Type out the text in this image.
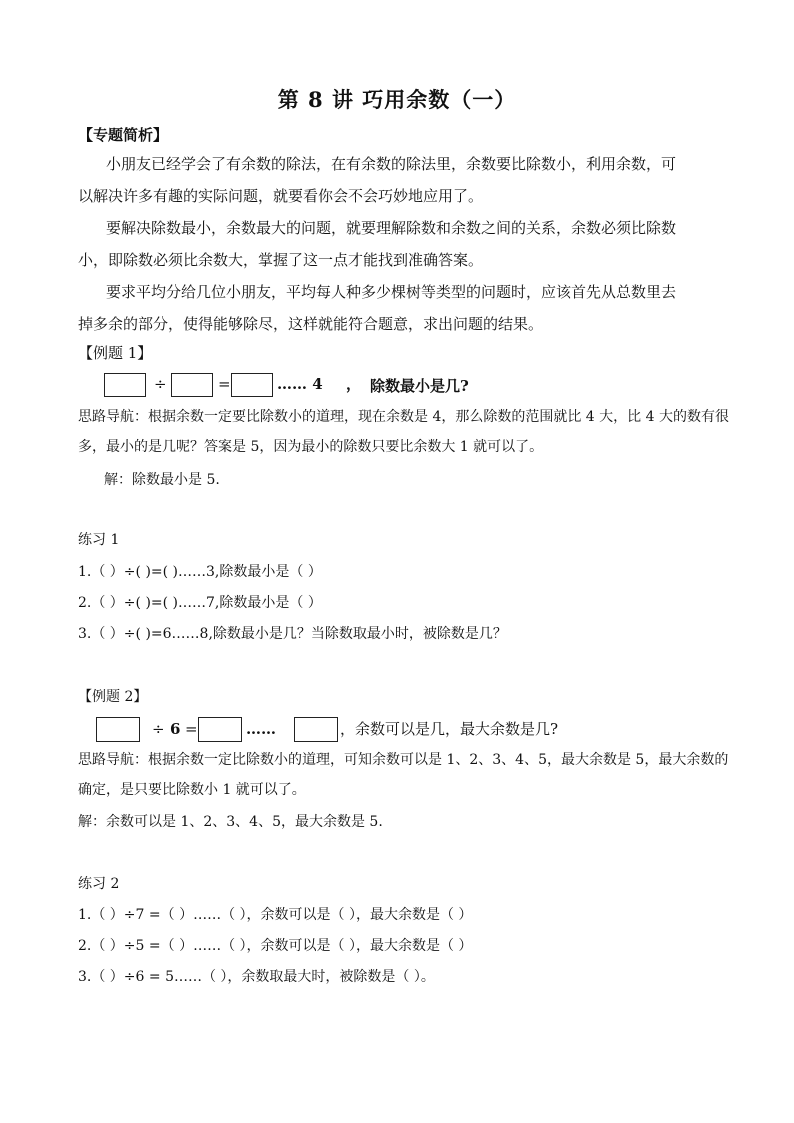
第 8 讲 巧用余数（一）
【专题简析】
小朋友已经学会了有余数的除法，在有余数的除法里，余数要比除数小，利用余数，可
以解决许多有趣的实际问题，就要看你会不会巧妙地应用了。
要解决除数最小，余数最大的问题，就要理解除数和余数之间的关系，余数必须比除数
小，即除数必须比余数大，掌握了这一点才能找到准确答案。
要求平均分给几位小朋友，平均每人种多少棵树等类型的问题时，应该首先从总数里去
掉多余的部分，使得能够除尽，这样就能符合题意，求出问题的结果。
【例题 1】
÷	=	…… 4 ， 除数最小是几?
思路导航：根据余数一定要比除数小的道理，现在余数是 4，那么除数的范围就比 4 大，比 4 大的数有很
多，最小的是几呢？答案是 5，因为最小的除数只要比余数大 1 就可以了。
解：除数最小是 5.
练习 1
1.（ ）÷( )=( )……3,除数最小是（ ）
2.（ ）÷( )=( )……7,除数最小是（ ）
3.（ ）÷( )=6……8,除数最小是几？当除数取最小时，被除数是几？
【例题 2】
÷ 6 =	……	，余数可以是几，最大余数是几?
思路导航：根据余数一定比除数小的道理，可知余数可以是 1、2、3、4、5，最大余数是 5，最大余数的
确定，是只要比除数小 1 就可以了。
解：余数可以是 1、2、3、4、5，最大余数是 5.
练习 2
1.（ ）÷7 =（ ）……（ ），余数可以是（ ），最大余数是（ ）
2.（ ）÷5 =（ ）……（ ），余数可以是（ ），最大余数是（ ）
3.（ ）÷6 = 5……（ ），余数取最大时，被除数是（ ）。
